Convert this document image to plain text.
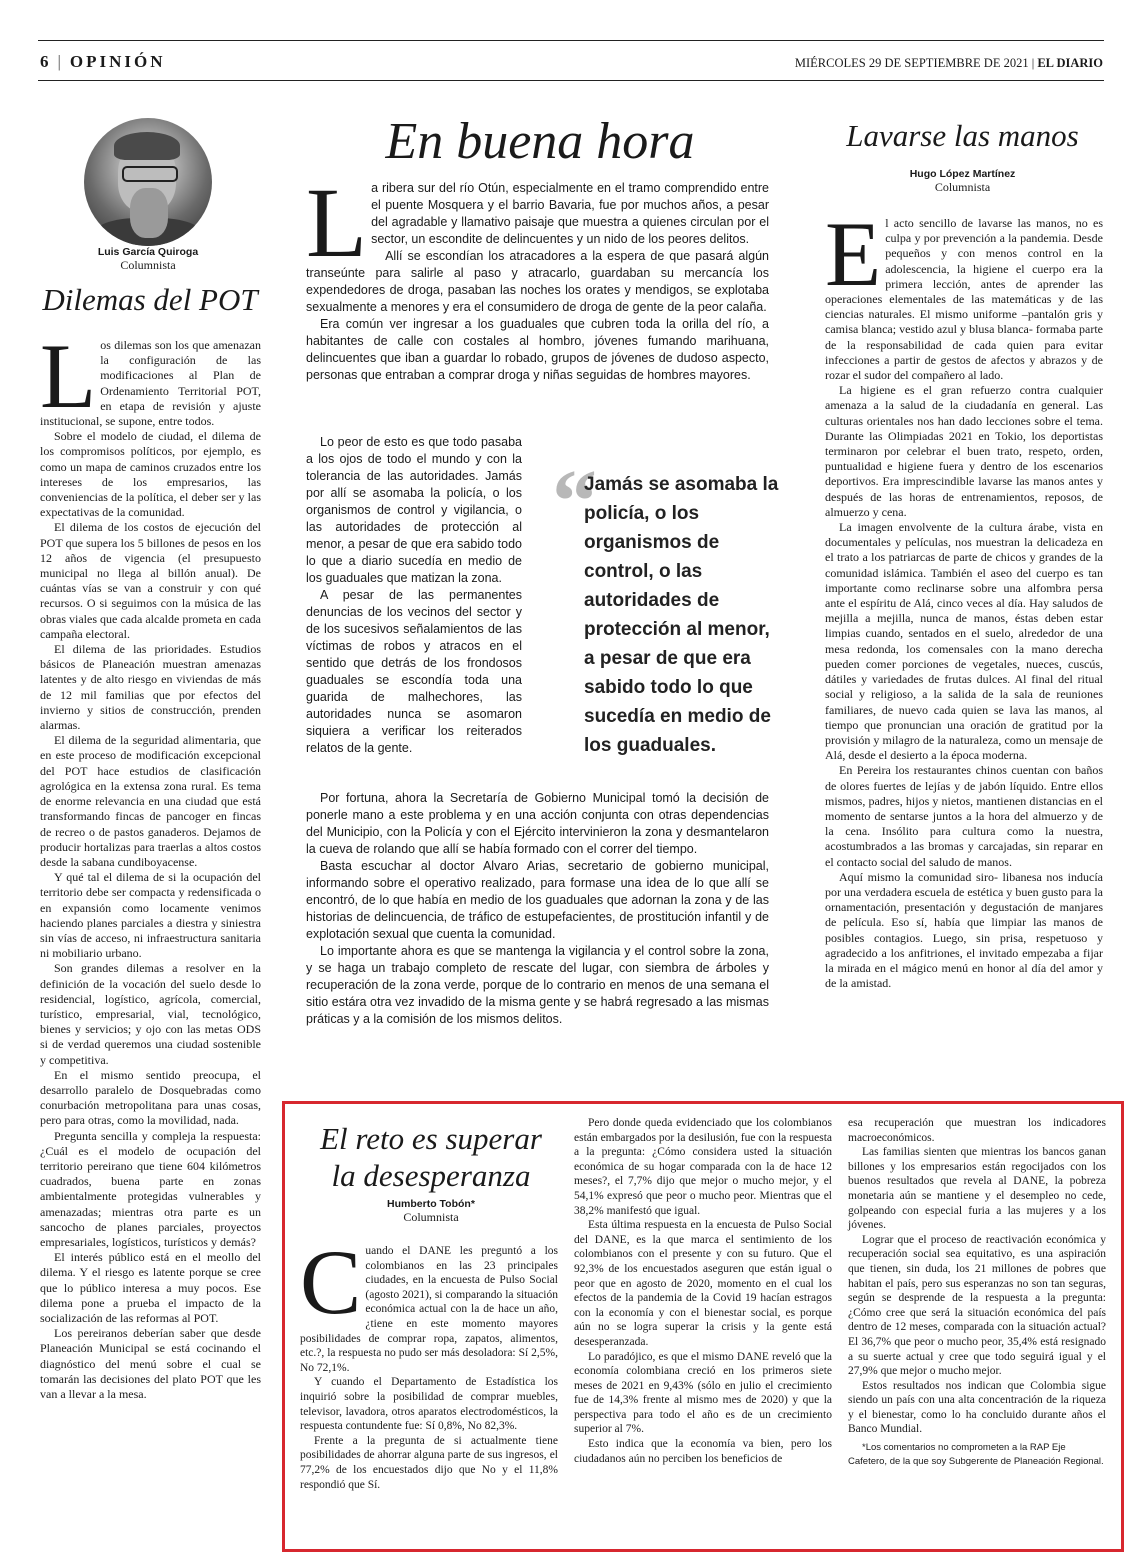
6 | OPINIÓN	MIÉRCOLES 29 DE SEPTIEMBRE DE 2021 | EL DIARIO
Luis García Quiroga
Columnista
Dilemas del POT

Los dilemas son los que amenazan la configuración de las modificaciones al Plan de Ordenamiento Territorial POT, en etapa de revisión y ajuste institucional, se supone, entre todos.

Sobre el modelo de ciudad, el dilema de los compromisos políticos, por ejemplo, es como un mapa de caminos cruzados entre los intereses de los empresarios, las conveniencias de la política, el deber ser y las expectativas de la comunidad.

El dilema de los costos de ejecución del POT que supera los 5 billones de pesos en los 12 años de vigencia (el presupuesto municipal no llega al billón anual). De cuántas vías se van a construir y con qué recursos. O si seguimos con la música de las obras viales que cada alcalde prometa en cada campaña electoral.

El dilema de las prioridades. Estudios básicos de Planeación muestran amenazas latentes y de alto riesgo en viviendas de más de 12 mil familias que por efectos del invierno y sitios de construcción, prenden alarmas.

El dilema de la seguridad alimentaria, que en este proceso de modificación excepcional del POT hace estudios de clasificación agrológica en la extensa zona rural. Es tema de enorme relevancia en una ciudad que está transformando fincas de pancoger en fincas de recreo o de pastos ganaderos. Dejamos de producir hortalizas para traerlas a altos costos desde la sabana cundiboyacense.

Y qué tal el dilema de si la ocupación del territorio debe ser compacta y redensificada o en expansión como locamente venimos haciendo planes parciales a diestra y siniestra sin vías de acceso, ni infraestructura sanitaria ni mobiliario urbano.

Son grandes dilemas a resolver en la definición de la vocación del suelo desde lo residencial, logístico, agrícola, comercial, turístico, empresarial, vial, tecnológico, bienes y servicios; y ojo con las metas ODS si de verdad queremos una ciudad sostenible y competitiva.

En el mismo sentido preocupa, el desarrollo paralelo de Dosquebradas como conurbación metropolitana para unas cosas, pero para otras, como la movilidad, nada.

Pregunta sencilla y compleja la respuesta: ¿Cuál es el modelo de ocupación del territorio pereirano que tiene 604 kilómetros cuadrados, buena parte en zonas ambientalmente protegidas vulnerables y amenazadas; mientras otra parte es un sancocho de planes parciales, proyectos empresariales, logísticos, turísticos y demás?

El interés público está en el meollo del dilema. Y el riesgo es latente porque se cree que lo público interesa a muy pocos. Ese dilema pone a prueba el impacto de la socialización de las reformas al POT.

Los pereiranos deberían saber que desde Planeación Municipal se está cocinando el diagnóstico del menú sobre el cual se tomarán las decisiones del plato POT que les van a llevar a la mesa.

En buena hora

La ribera sur del río Otún, especialmente en el tramo comprendido entre el puente Mosquera y el barrio Bavaria, fue por muchos años, a pesar del agradable y llamativo paisaje que muestra a quienes circulan por el sector, un escondite de delincuentes y un nido de los peores delitos.

Allí se escondían los atracadores a la espera de que pasará algún transeúnte para salirle al paso y atracarlo, guardaban su mercancía los expendedores de droga, pasaban las noches los orates y mendigos, se explotaba sexualmente a menores y era el consumidero de droga de gente de la peor calaña.

Era común ver ingresar a los guaduales que cubren toda la orilla del río, a habitantes de calle con costales al hombro, jóvenes fumando marihuana, delincuentes que iban a guardar lo robado, grupos de jóvenes de dudoso aspecto, personas que entraban a comprar droga y niñas seguidas de hombres mayores.

Lo peor de esto es que todo pasaba a los ojos de todo el mundo y con la tolerancia de las autoridades. Jamás por allí se asomaba la policía, o los organismos de control y vigilancia, o las autoridades de protección al menor, a pesar de que era sabido todo lo que a diario sucedía en medio de los guaduales que matizan la zona.

A pesar de las permanentes denuncias de los vecinos del sector y de los sucesivos señalamientos de las víctimas de robos y atracos en el sentido que detrás de los frondosos guaduales se escondía toda una guarida de malhechores, las autoridades nunca se asomaron siquiera a verificar los reiterados relatos de la gente.

“
Jamás se asomaba la policía, o los organismos de control, o las autoridades de protección al menor, a pesar de que era sabido todo lo que sucedía en medio de los guaduales.

Por fortuna, ahora la Secretaría de Gobierno Municipal tomó la decisión de ponerle mano a este problema y en una acción conjunta con otras dependencias del Municipio, con la Policía y con el Ejército intervinieron la zona y desmantelaron la cueva de rolando que allí se había formado con el correr del tiempo.

Basta escuchar al doctor Alvaro Arias, secretario de gobierno municipal, informando sobre el operativo realizado, para formase una idea de lo que allí se encontró, de lo que había en medio de los guaduales que adornan la zona y de las historias de delincuencia, de tráfico de estupefacientes, de prostitución infantil y de explotación sexual que cuenta la comunidad.

Lo importante ahora es que se mantenga la vigilancia y el control sobre la zona, y se haga un trabajo completo de rescate del lugar, con siembra de árboles y recuperación de la zona verde, porque de lo contrario en menos de una semana el sitio estára otra vez invadido de la misma gente y se habrá regresado a las mismas práticas y a la comisión de los mismos delitos.

Lavarse las manos
Hugo López Martínez
Columnista

El acto sencillo de lavarse las manos, no es culpa y por prevención a la pandemia. Desde pequeños y con menos control en la adolescencia, la higiene el cuerpo era la primera lección, antes de aprender las operaciones elementales de las matemáticas y de las ciencias naturales. El mismo uniforme –pantalón gris y camisa blanca; vestido azul y blusa blanca- formaba parte de la responsabilidad de cada quien para evitar infecciones a partir de gestos de afectos y abrazos y de rozar el sudor del compañero al lado.

La higiene es el gran refuerzo contra cualquier amenaza a la salud de la ciudadanía en general. Las culturas orientales nos han dado lecciones sobre el tema. Durante las Olimpiadas 2021 en Tokio, los deportistas terminaron por celebrar el buen trato, respeto, orden, puntualidad e higiene fuera y dentro de los escenarios deportivos. Era imprescindible lavarse las manos antes y después de las horas de entrenamientos, reposos, de almuerzo y cena.

La imagen envolvente de la cultura árabe, vista en documentales y películas, nos muestran la delicadeza en el trato a los patriarcas de parte de chicos y grandes de la comunidad islámica. También el aseo del cuerpo es tan importante como reclinarse sobre una alfombra persa ante el espíritu de Alá, cinco veces al día. Hay saludos de mejilla a mejilla, nunca de manos, éstas deben estar limpias cuando, sentados en el suelo, alrededor de una mesa redonda, los comensales con la mano derecha pueden comer porciones de vegetales, nueces, cuscús, dátiles y variedades de frutas dulces. Al final del ritual social y religioso, a la salida de la sala de reuniones familiares, de nuevo cada quien se lava las manos, al tiempo que pronuncian una oración de gratitud por la provisión y milagro de la naturaleza, como un mensaje de Alá, desde el desierto a la época moderna.

En Pereira los restaurantes chinos cuentan con baños de olores fuertes de lejías y de jabón líquido. Entre ellos mismos, padres, hijos y nietos, mantienen distancias en el momento de sentarse juntos a la hora del almuerzo y de la cena. Insólito para cultura como la nuestra, acostumbrados a las bromas y carcajadas, sin reparar en el contacto social del saludo de manos.

Aquí mismo la comunidad siro- libanesa nos inducía por una verdadera escuela de estética y buen gusto para la ornamentación, presentación y degustación de manjares de película. Eso sí, había que limpiar las manos de posibles contagios. Luego, sin prisa, respetuoso y agradecido a los anfitriones, el invitado empezaba a fijar la mirada en el mágico menú en honor al día del amor y de la amistad.

El reto es superar
la desesperanza
Humberto Tobón*
Columnista

Cuando el DANE les preguntó a los colombianos en las 23 principales ciudades, en la encuesta de Pulso Social (agosto 2021), si comparando la situación económica actual con la de hace un año, ¿tiene en este momento mayores posibilidades de comprar ropa, zapatos, alimentos, etc.?, la respuesta no pudo ser más desoladora: Sí 2,5%, No 72,1%.

Y cuando el Departamento de Estadística los inquirió sobre la posibilidad de comprar muebles, televisor, lavadora, otros aparatos electrodomésticos, la respuesta contundente fue: Sí 0,8%, No 82,3%.

Frente a la pregunta de si actualmente tiene posibilidades de ahorrar alguna parte de sus ingresos, el 77,2% de los encuestados dijo que No y el 11,8% respondió que Sí.

Pero donde queda evidenciado que los colombianos están embargados por la desilusión, fue con la respuesta a la pregunta: ¿Cómo considera usted la situación económica de su hogar comparada con la de hace 12 meses?, el 7,7% dijo que mejor o mucho mejor, y el 54,1% expresó que peor o mucho peor. Mientras que el 38,2% manifestó que igual.

Esta última respuesta en la encuesta de Pulso Social del DANE, es la que marca el sentimiento de los colombianos con el presente y con su futuro. Que el 92,3% de los encuestados aseguren que están igual o peor que en agosto de 2020, momento en el cual los efectos de la pandemia de la Covid 19 hacían estragos con la economía y con el bienestar social, es porque aún no se logra superar la crisis y la gente está desesperanzada.

Lo paradójico, es que el mismo DANE reveló que la economía colombiana creció en los primeros siete meses de 2021 en 9,43% (sólo en julio el crecimiento fue de 14,3% frente al mismo mes de 2020) y que la perspectiva para todo el año es de un crecimiento superior al 7%.

Esto indica que la economía va bien, pero los ciudadanos aún no perciben los beneficios de

esa recuperación que muestran los indicadores macroeconómicos.

Las familias sienten que mientras los bancos ganan billones y los empresarios están regocijados con los buenos resultados que revela al DANE, la pobreza monetaria aún se mantiene y el desempleo no cede, golpeando con especial furia a las mujeres y a los jóvenes.

Lograr que el proceso de reactivación económica y recuperación social sea equitativo, es una aspiración que tienen, sin duda, los 21 millones de pobres que habitan el país, pero sus esperanzas no son tan seguras, según se desprende de la respuesta a la pregunta: ¿Cómo cree que será la situación económica del país dentro de 12 meses, comparada con la situación actual? El 36,7% que peor o mucho peor, 35,4% está resignado a su suerte actual y cree que todo seguirá igual y el 27,9% que mejor o mucho mejor.

Estos resultados nos indican que Colombia sigue siendo un país con una alta concentración de la riqueza y el bienestar, como lo ha concluido durante años el Banco Mundial.

*Los comentarios no comprometen a la RAP Eje Cafetero, de la que soy Subgerente de Planeación Regional.
